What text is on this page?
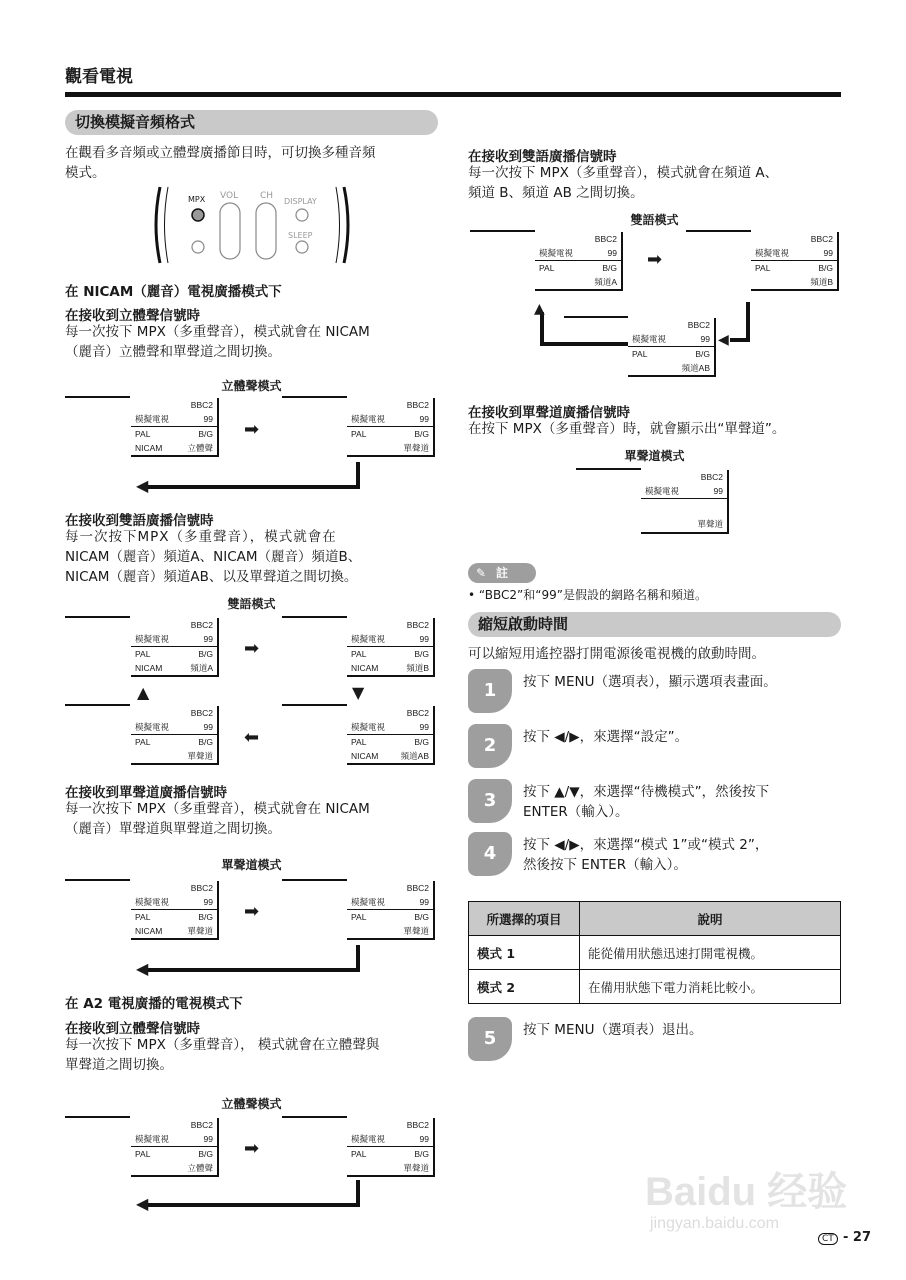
觀看電視
切換模擬音頻格式
在觀看多音頻或立體聲廣播節目時，可切換多種音頻
模式。
MPX VOL CH
DISPLAY
SLEEP
在 NICAM（麗音）電視廣播模式下
在接收到立體聲信號時
每一次按下 MPX（多重聲音），模式就會在 NICAM
（麗音）立體聲和單聲道之間切換。
立體聲模式
BBC2
模擬電視	99
PAL	B/G
NICAM	立體聲
➡
BBC2
模擬電視	99
PAL	B/G
單聲道
◀
在接收到雙語廣播信號時
每一次按下MPX（多重聲音），模式就會在
NICAM（麗音）頻道A、NICAM（麗音）頻道B、
NICAM（麗音）頻道AB、以及單聲道之間切換。
雙語模式
BBC2
模擬電視	99
PAL	B/G
NICAM	頻道A
➡
BBC2
模擬電視	99
PAL	B/G
NICAM	頻道B
▲	▼
BBC2
模擬電視	99
PAL	B/G
單聲道
⬅
BBC2
模擬電視	99
PAL	B/G
NICAM	頻道AB
在接收到單聲道廣播信號時
每一次按下 MPX（多重聲音），模式就會在 NICAM
（麗音）單聲道與單聲道之間切換。
單聲道模式
BBC2
模擬電視	99
PAL	B/G
NICAM	單聲道
➡
BBC2
模擬電視	99
PAL	B/G
單聲道
◀
在 A2 電視廣播的電視模式下
在接收到立體聲信號時
每一次按下 MPX（多重聲音）， 模式就會在立體聲與
單聲道之間切換。
立體聲模式
BBC2
模擬電視	99
PAL	B/G
立體聲
➡
BBC2
模擬電視	99
PAL	B/G
單聲道
◀
在接收到雙語廣播信號時
每一次按下 MPX（多重聲音），模式就會在頻道 A、
頻道 B、頻道 AB 之間切換。
雙語模式
BBC2
模擬電視	99
PAL	B/G
頻道A
➡
BBC2
模擬電視	99
PAL	B/G
頻道B
◀
▲
BBC2
模擬電視	99
PAL	B/G
頻道AB
在接收到單聲道廣播信號時
在按下 MPX（多重聲音）時，就會顯示出“單聲道”。
單聲道模式
BBC2
模擬電視	99
單聲道
✎ 註
• “BBC2”和“99”是假設的網路名稱和頻道。
縮短啟動時間
可以縮短用遙控器打開電源後電視機的啟動時間。
1	按下 MENU（選項表），顯示選項表畫面。
2	按下 ◀/▶，來選擇“設定”。
3	按下 ▲/▼，來選擇“待機模式”，然後按下
ENTER（輸入）。
4	按下 ◀/▶，來選擇“模式 1”或“模式 2”，
然後按下 ENTER（輸入）。
所選擇的項目	說明
模式 1	能從備用狀態迅速打開電視機。
模式 2	在備用狀態下電力消耗比較小。
5	按下 MENU（選項表）退出。
Baidu 经验
jingyan.baidu.com
CT - 27
